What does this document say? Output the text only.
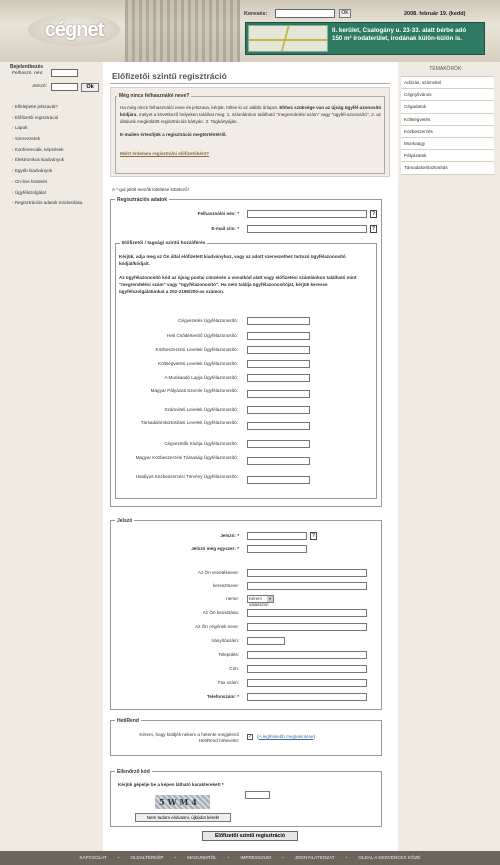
cégnet
Keresés:	OK	2008. február 19. (kedd)
II. kerület, Csalogány u. 23-33. alatt bérbe adó
150 m² irodaterület, irodának külön-külön is.
Bejelentkezés
Felhaszn. név:
Jelszó:	Ok
› Elfelejtette jelszavát?
› Előfizetői regisztráció
› Lapok
› Szervezetek
› Konferenciák, képzések
› Elektronikus kiadványok
› Egyéb kiadványok
› On-line hirdetés
› Ügyfélszolgálat
› Regisztrációs adatok módosítása
TÉMAKÖRÖK:
Adózás, számvitel
Cégnyilvános
Cégadatok
Költségvetés
Közbeszerzés
Munkaügy
Pályázatok
Társadalombiztosítás
Előfizetői szintű regisztráció
Még nincs felhasználói neve?
Ha még nincs felhasználói neve és jelszava, kérjük, töltse ki az alábbi űrlapot. Ehhez szüksége van az újság ügyfél-azonosító kódjára, melyet a következő helyeken találhat meg: 1. számlánkon található "megrendelési szám" vagy "ügyfél-azonosító", 2. az általunk megküldött regisztrációs kártyán. 3. Tagkártyáján.
E-mailen értesítjük a regisztráció megtörténtéről.
Miért érdemes regisztrálni előfizetőként?
A *-gal jelölt mezők kitöltése kötelező!
Regisztrációs adatok
Felhasználói név: *	?
E-mail cím: *	?
Előfizetői / tagsági szintű hozzáférés
Kérjük, adja meg az Ön által előfizetett kiadványhoz, vagy az adott szervezethez tartozó ügyfélazonosító kódját/kódjait.
Az ügyfélazonosító kód az újság postai címzésén a vonalkód alatt vagy előfizetési számlánkon található mint "megrendelési szám" vagy "ügyfélazonosító". Ha nem találja ügyfélazonosítóját, kérjük keresse ügyfélszolgálatunkat a 202-2199/200-as számon.
Cégvezetés Ügyfélazonosító:
Heti Csődértesítő Ügyfélazonosító:
Közbeszerzési Levelek Ügyfélazonosító:
Költségvetési Levelek Ügyfélazonosító:
A Munkaadó Lapja Ügyfélazonosító:
Magyar Pályázati Szemle Ügyfélazonosító:
Számviteli Levelek Ügyfélazonosító:
Társadalombiztosítási Levelek Ügyfélazonosító:
Cégvezetők Klubja Ügyfélazonosító:
Magyar Közbeszerzési Társaság Ügyfélazonosító:
Hatályos Közbeszerzési Törvény Ügyfélazonosító:
Jelszó
Jelszó: *	?
Jelszó még egyszer: *
Az Ön vezetékneve:
keresztneve:
neme:	Kérem válasszon
▾
Az Ön beosztása:
Az Ön cégének neve:
Irányítószám:
Település:
Cím:
Fax szám:
Telefonszám: *
HetiRend
Kérem, hogy küldjék nekem a hetente megjelenő HetiRend hírlevelet:
✓ (A legfrissebb megtekintése)
Ellenőrző kód
Kérjük gépelje be a képen látható karaktereket! *
5WM4
Nem tudom elolvasni, újkódot kérek!
Előfizetői szintű regisztráció
KAPCSOLAT	• OLDALTÉRKÉP	• MAGUNKRÓL	• IMPRESSZUM	• JOGNYILATKOZAT	• OLDAL A KEDVENCEK KÖZÉ
